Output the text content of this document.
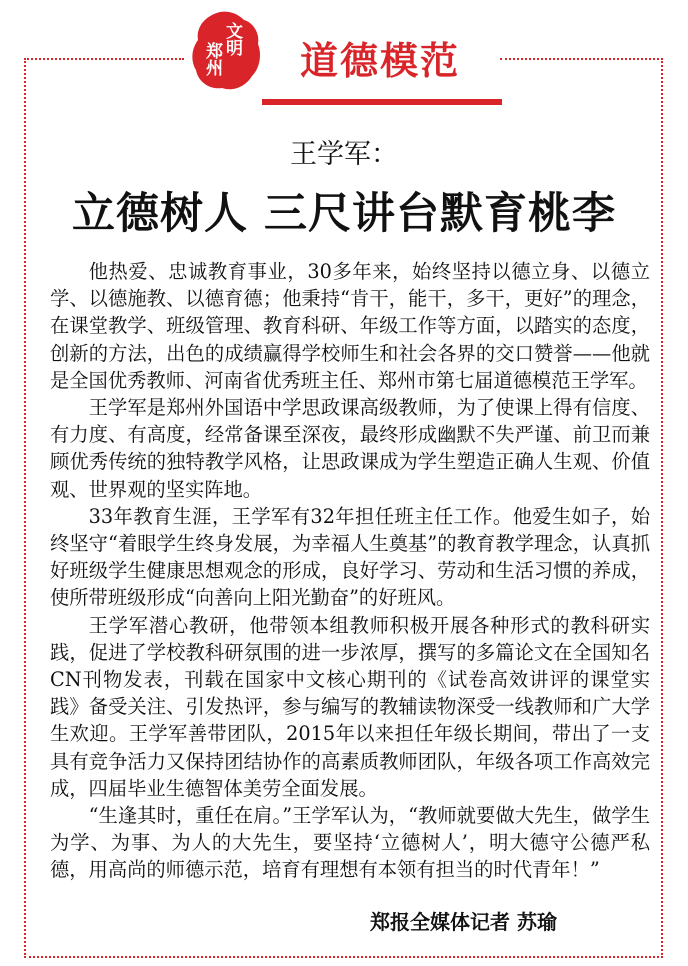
文明
郑州 道德模范
王学军：
立德树人 三尺讲台默育桃李

他热爱、忠诚教育事业，30多年来，始终坚持以德立身、以德立学、以德施教、以德育德；他秉持“肯干，能干，多干，更好”的理念，在课堂教学、班级管理、教育科研、年级工作等方面，以踏实的态度，创新的方法，出色的成绩赢得学校师生和社会各界的交口赞誉——他就是全国优秀教师、河南省优秀班主任、郑州市第七届道德模范王学军。

王学军是郑州外国语中学思政课高级教师，为了使课上得有信度、有力度、有高度，经常备课至深夜，最终形成幽默不失严谨、前卫而兼顾优秀传统的独特教学风格，让思政课成为学生塑造正确人生观、价值观、世界观的坚实阵地。

33年教育生涯，王学军有32年担任班主任工作。他爱生如子，始终坚守“着眼学生终身发展，为幸福人生奠基”的教育教学理念，认真抓好班级学生健康思想观念的形成，良好学习、劳动和生活习惯的养成，使所带班级形成“向善向上阳光勤奋”的好班风。

王学军潜心教研，他带领本组教师积极开展各种形式的教科研实践，促进了学校教科研氛围的进一步浓厚，撰写的多篇论文在全国知名CN刊物发表，刊载在国家中文核心期刊的《试卷高效讲评的课堂实践》备受关注、引发热评，参与编写的教辅读物深受一线教师和广大学生欢迎。王学军善带团队，2015年以来担任年级长期间，带出了一支具有竞争活力又保持团结协作的高素质教师团队，年级各项工作高效完成，四届毕业生德智体美劳全面发展。

“生逢其时，重任在肩。”王学军认为，“教师就要做大先生，做学生为学、为事、为人的大先生，要坚持‘立德树人’，明大德守公德严私德，用高尚的师德示范，培育有理想有本领有担当的时代青年！”

郑报全媒体记者 苏瑜
